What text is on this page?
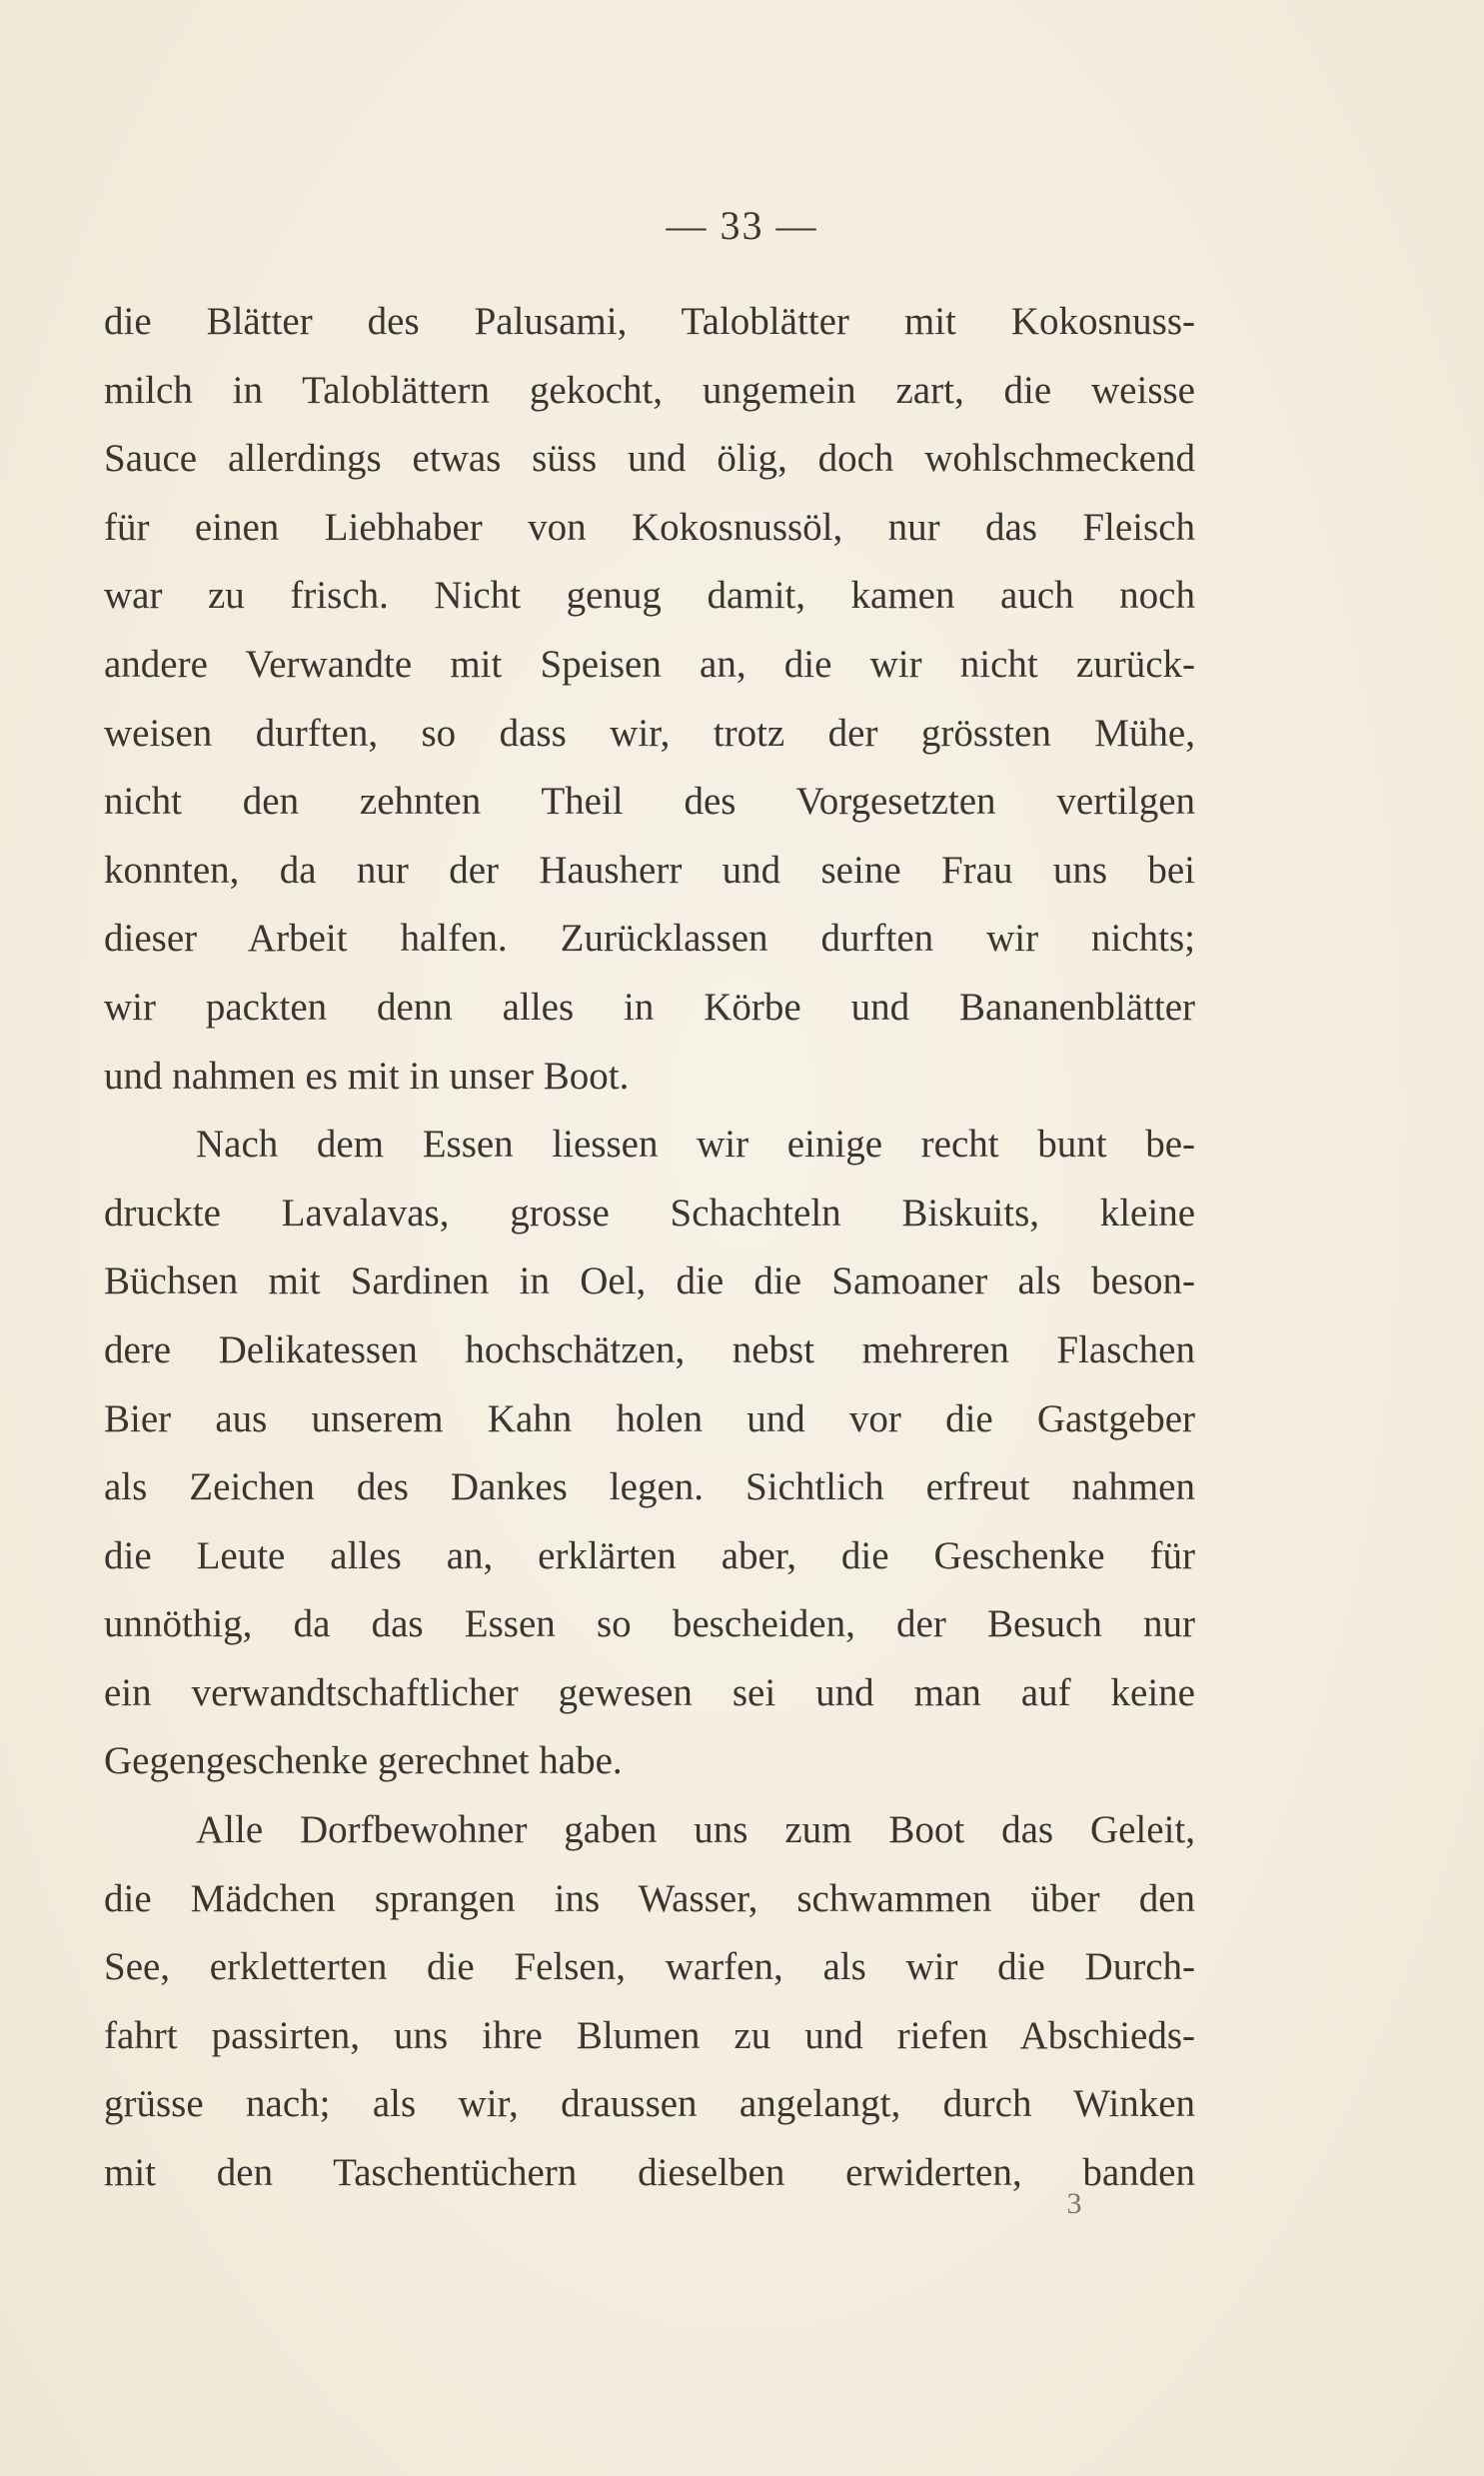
— 33 —
die Blätter des Palusami, Taloblätter mit Kokosnuss-
milch in Taloblättern gekocht, ungemein zart, die weisse
Sauce allerdings etwas süss und ölig, doch wohlschmeckend
für einen Liebhaber von Kokosnussöl, nur das Fleisch
war zu frisch. Nicht genug damit, kamen auch noch
andere Verwandte mit Speisen an, die wir nicht zurück-
weisen durften, so dass wir, trotz der grössten Mühe,
nicht den zehnten Theil des Vorgesetzten vertilgen
konnten, da nur der Hausherr und seine Frau uns bei
dieser Arbeit halfen. Zurücklassen durften wir nichts;
wir packten denn alles in Körbe und Bananenblätter
und nahmen es mit in unser Boot.
Nach dem Essen liessen wir einige recht bunt be-
druckte Lavalavas, grosse Schachteln Biskuits, kleine
Büchsen mit Sardinen in Oel, die die Samoaner als beson-
dere Delikatessen hochschätzen, nebst mehreren Flaschen
Bier aus unserem Kahn holen und vor die Gastgeber
als Zeichen des Dankes legen. Sichtlich erfreut nahmen
die Leute alles an, erklärten aber, die Geschenke für
unnöthig, da das Essen so bescheiden, der Besuch nur
ein verwandtschaftlicher gewesen sei und man auf keine
Gegengeschenke gerechnet habe.
Alle Dorfbewohner gaben uns zum Boot das Geleit,
die Mädchen sprangen ins Wasser, schwammen über den
See, erkletterten die Felsen, warfen, als wir die Durch-
fahrt passirten, uns ihre Blumen zu und riefen Abschieds-
grüsse nach; als wir, draussen angelangt, durch Winken
mit den Taschentüchern dieselben erwiderten, banden
3
